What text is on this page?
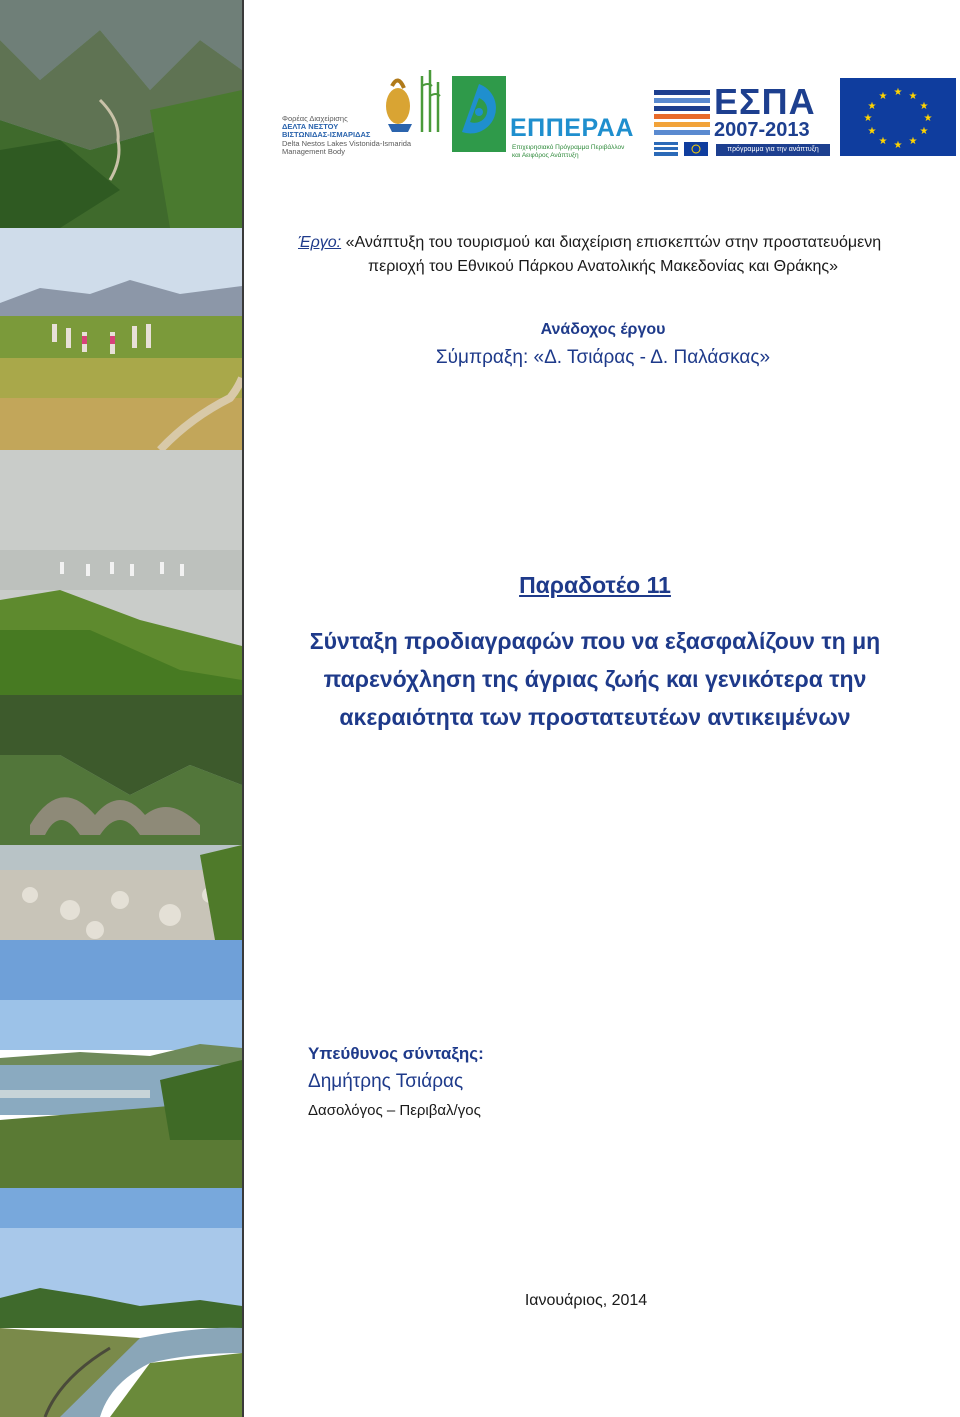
Φορέας Διαχείρισης
ΔΕΛΤΑ ΝΕΣΤΟΥ
ΒΙΣΤΩΝΙΔΑΣ-ΙΣΜΑΡΙΔΑΣ
Delta Nestos Lakes Vistonida-Ismarida
Management Body
ΕΠΠΕΡΑΑ
Επιχειρησιακό Πρόγραμμα Περιβάλλον και Αειφόρος Ανάπτυξη
ΕΣΠΑ
2007-2013
πρόγραμμα για την ανάπτυξη
★ ★
★
★
★
★
★
★
★
★
★
★
Έργο: «Ανάπτυξη του τουρισμού και διαχείριση επισκεπτών στην προστατευόμενη
περιοχή του Εθνικού Πάρκου Ανατολικής Μακεδονίας και Θράκης»
Ανάδοχος έργου
Σύμπραξη: «Δ. Τσιάρας - Δ. Παλάσκας»
Παραδοτέο 11
Σύνταξη προδιαγραφών που να εξασφαλίζουν τη μη
παρενόχληση της άγριας ζωής και γενικότερα την
ακεραιότητα των προστατευτέων αντικειμένων
Υπεύθυνος σύνταξης:
Δημήτρης Τσιάρας
Δασολόγος – Περιβαλ/γος
Ιανουάριος, 2014
